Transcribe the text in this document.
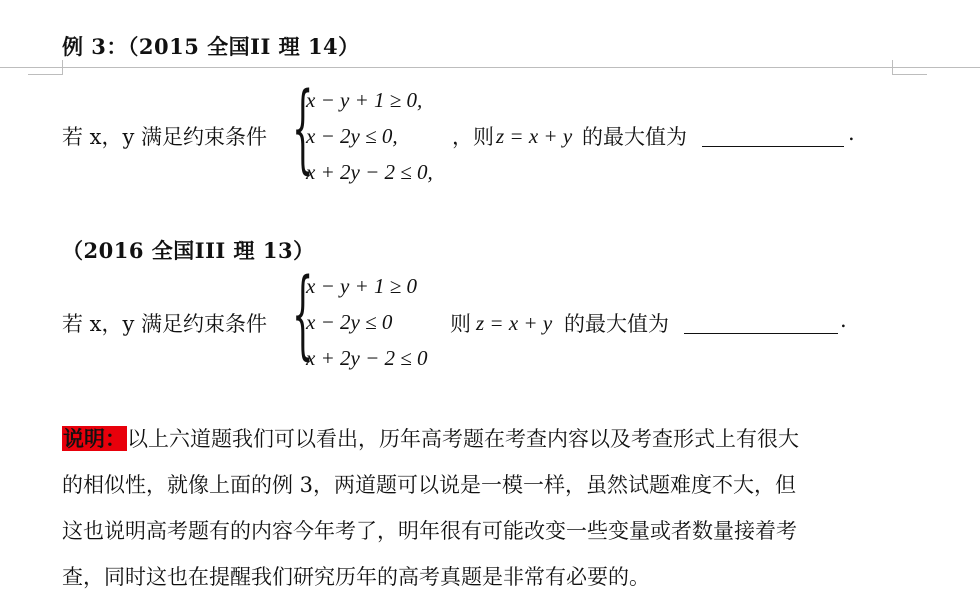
例 3：（2015 全国II 理 14）
若 x，y 满足约束条件 {
x − y + 1 ≥ 0,
x − 2y ≤ 0,
x + 2y − 2 ≤ 0,
，则 z = x + y 的最大值为	.
（2016 全国III 理 13）
若 x，y 满足约束条件 {
x − y + 1 ≥ 0
x − 2y ≤ 0
x + 2y − 2 ≤ 0
则 z = x + y 的最大值为	.
说明：以上六道题我们可以看出，历年高考题在考查内容以及考查形式上有很大
的相似性，就像上面的例 3，两道题可以说是一模一样，虽然试题难度不大，但
这也说明高考题有的内容今年考了，明年很有可能改变一些变量或者数量接着考
查，同时这也在提醒我们研究历年的高考真题是非常有必要的。
